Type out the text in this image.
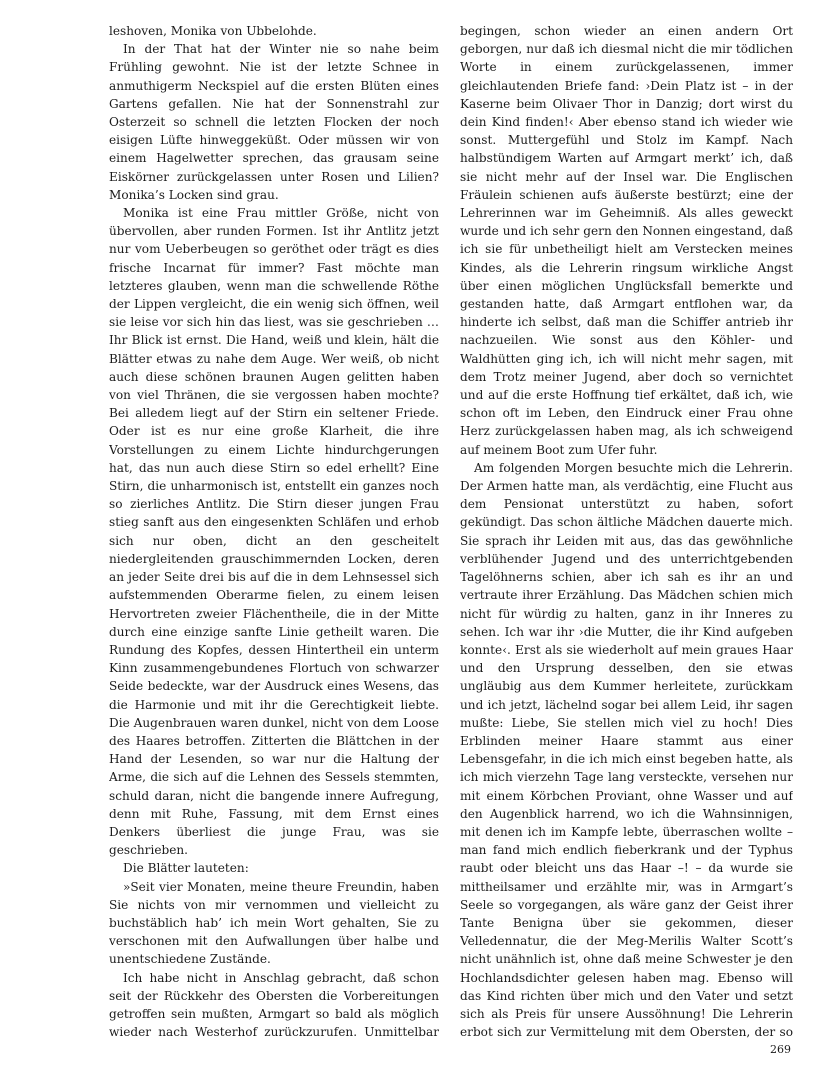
leshoven, Monika von Ubbelohde.

In der That hat der Winter nie so nahe beim Frühling gewohnt. Nie ist der letzte Schnee in anmuthigerm Neckspiel auf die ersten Blüten eines Gartens gefallen. Nie hat der Sonnenstrahl zur Osterzeit so schnell die letzten Flocken der noch eisigen Lüfte hinweggeküßt. Oder müssen wir von einem Hagelwetter sprechen, das grausam seine Eiskörner zurückgelassen unter Rosen und Lilien? Monika’s Locken sind grau.

Monika ist eine Frau mittler Größe, nicht von übervollen, aber runden Formen. Ist ihr Antlitz jetzt nur vom Ueberbeugen so geröthet oder trägt es dies frische Incarnat für immer? Fast möchte man letzteres glauben, wenn man die schwellende Röthe der Lippen vergleicht, die ein wenig sich öffnen, weil sie leise vor sich hin das liest, was sie geschrieben … Ihr Blick ist ernst. Die Hand, weiß und klein, hält die Blätter etwas zu nahe dem Auge. Wer weiß, ob nicht auch diese schönen braunen Augen gelitten haben von viel Thränen, die sie vergossen haben mochte? Bei alledem liegt auf der Stirn ein seltener Friede. Oder ist es nur eine große Klarheit, die ihre Vorstellungen zu einem Lichte hindurchgerungen hat, das nun auch diese Stirn so edel erhellt? Eine Stirn, die unharmonisch ist, entstellt ein ganzes noch so zierliches Antlitz. Die Stirn dieser jungen Frau stieg sanft aus den eingesenkten Schläfen und erhob sich nur oben, dicht an den gescheitelt niedergleitenden grauschimmernden Locken, deren an jeder Seite drei bis auf die in dem Lehnsessel sich aufstemmenden Oberarme fielen, zu einem leisen Hervortreten zweier Flächentheile, die in der Mitte durch eine einzige sanfte Linie getheilt waren. Die Rundung des Kopfes, dessen Hintertheil ein unterm Kinn zusammengebundenes Flortuch von schwarzer Seide bedeckte, war der Ausdruck eines Wesens, das die Harmonie und mit ihr die Gerechtigkeit liebte. Die Augenbrauen waren dunkel, nicht von dem Loose des Haares betroffen. Zitterten die Blättchen in der Hand der Lesenden, so war nur die Haltung der Arme, die sich auf die Lehnen des Sessels stemmten, schuld daran, nicht die bangende innere Aufregung, denn mit Ruhe, Fassung, mit dem Ernst eines Denkers überliest die junge Frau, was sie geschrieben.

Die Blätter lauteten:

»Seit vier Monaten, meine theure Freundin, haben Sie nichts von mir vernommen und vielleicht zu buchstäblich hab’ ich mein Wort gehalten, Sie zu verschonen mit den Aufwallungen über halbe und unentschiedene Zustände.

Ich habe nicht in Anschlag gebracht, daß schon seit der Rückkehr des Obersten die Vorbereitungen getroffen sein mußten, Armgart so bald als möglich wieder nach Westerhof zurückzurufen. Unmittelbar

begingen, schon wieder an einen andern Ort geborgen, nur daß ich diesmal nicht die mir tödlichen Worte in einem zurückgelassenen, immer gleichlautenden Briefe fand: ›Dein Platz ist – in der Kaserne beim Olivaer Thor in Danzig; dort wirst du dein Kind finden!‹ Aber ebenso stand ich wieder wie sonst. Muttergefühl und Stolz im Kampf. Nach halbstündigem Warten auf Armgart merkt’ ich, daß sie nicht mehr auf der Insel war. Die Englischen Fräulein schienen aufs äußerste bestürzt; eine der Lehrerinnen war im Geheimniß. Als alles geweckt wurde und ich sehr gern den Nonnen eingestand, daß ich sie für unbetheiligt hielt am Verstecken meines Kindes, als die Lehrerin ringsum wirkliche Angst über einen möglichen Unglücksfall bemerkte und gestanden hatte, daß Armgart entflohen war, da hinderte ich selbst, daß man die Schiffer antrieb ihr nachzueilen. Wie sonst aus den Köhler- und Waldhütten ging ich, ich will nicht mehr sagen, mit dem Trotz meiner Jugend, aber doch so vernichtet und auf die erste Hoffnung tief erkältet, daß ich, wie schon oft im Leben, den Eindruck einer Frau ohne Herz zurückgelassen haben mag, als ich schweigend auf meinem Boot zum Ufer fuhr.

Am folgenden Morgen besuchte mich die Lehrerin. Der Armen hatte man, als verdächtig, eine Flucht aus dem Pensionat unterstützt zu haben, sofort gekündigt. Das schon ältliche Mädchen dauerte mich. Sie sprach ihr Leiden mit aus, das das gewöhnliche verblühender Jugend und des unterrichtgebenden Tagelöhnerns schien, aber ich sah es ihr an und vertraute ihrer Erzählung. Das Mädchen schien mich nicht für würdig zu halten, ganz in ihr Inneres zu sehen. Ich war ihr ›die Mutter, die ihr Kind aufgeben konnte‹. Erst als sie wiederholt auf mein graues Haar und den Ursprung desselben, den sie etwas ungläubig aus dem Kummer herleitete, zurückkam und ich jetzt, lächelnd sogar bei allem Leid, ihr sagen mußte: Liebe, Sie stellen mich viel zu hoch! Dies Erblinden meiner Haare stammt aus einer Lebensgefahr, in die ich mich einst begeben hatte, als ich mich vierzehn Tage lang versteckte, versehen nur mit einem Körbchen Proviant, ohne Wasser und auf den Augenblick harrend, wo ich die Wahnsinnigen, mit denen ich im Kampfe lebte, überraschen wollte – man fand mich endlich fieberkrank und der Typhus raubt oder bleicht uns das Haar –! – da wurde sie mittheilsamer und erzählte mir, was in Armgart’s Seele so vorgegangen, als wäre ganz der Geist ihrer Tante Benigna über sie gekommen, dieser Velledennatur, die der Meg-Merilis Walter Scott’s nicht unähnlich ist, ohne daß meine Schwester je den Hochlandsdichter gelesen haben mag. Ebenso will das Kind richten über mich und den Vater und setzt sich als Preis für unsere Aussöhnung! Die Lehrerin erbot sich zur Vermittelung mit dem Obersten, der so

269
